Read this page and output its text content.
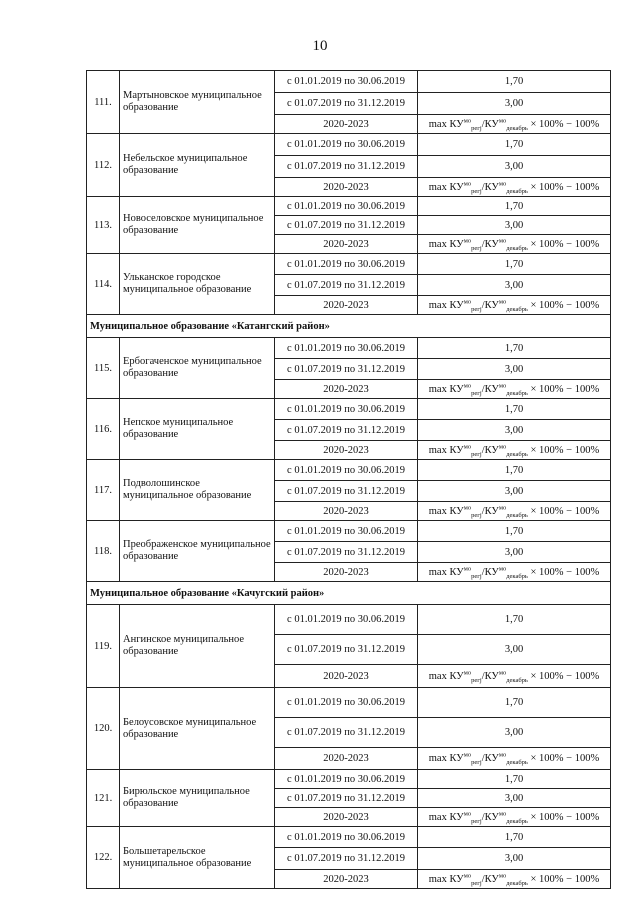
10
111.	Мартыновское муниципальное образование	с 01.01.2019 по 30.06.2019	1,70
		с 01.07.2019 по 31.12.2019	3,00
		2020-2023	$\max КУ^{мо}_{регj}/КУ^{мо}_{декабрь} \times 100\% - 100\%$
112.	Небельское муниципальное образование	с 01.01.2019 по 30.06.2019	1,70
		с 01.07.2019 по 31.12.2019	3,00
		2020-2023	$\max КУ^{мо}_{регj}/КУ^{мо}_{декабрь} \times 100\% - 100\%$
113.	Новоселовское муниципальное образование	с 01.01.2019 по 30.06.2019	1,70
		с 01.07.2019 по 31.12.2019	3,00
		2020-2023	$\max КУ^{мо}_{регj}/КУ^{мо}_{декабрь} \times 100\% - 100\%$
114.	Ульканское городское муниципальное образование	с 01.01.2019 по 30.06.2019	1,70
		с 01.07.2019 по 31.12.2019	3,00
		2020-2023	$\max КУ^{мо}_{регj}/КУ^{мо}_{декабрь} \times 100\% - 100\%$
Муниципальное образование «Катангский район»			
115.	Ербогаченское муниципальное образование	с 01.01.2019 по 30.06.2019	1,70
		с 01.07.2019 по 31.12.2019	3,00
		2020-2023	$\max КУ^{мо}_{регj}/КУ^{мо}_{декабрь} \times 100\% - 100\%$
116.	Непское муниципальное образование	с 01.01.2019 по 30.06.2019	1,70
		с 01.07.2019 по 31.12.2019	3,00
		2020-2023	$\max КУ^{мо}_{регj}/КУ^{мо}_{декабрь} \times 100\% - 100\%$
117.	Подволошинское муниципальное образование	с 01.01.2019 по 30.06.2019	1,70
		с 01.07.2019 по 31.12.2019	3,00
		2020-2023	$\max КУ^{мо}_{регj}/КУ^{мо}_{декабрь} \times 100\% - 100\%$
118.	Преображенское муниципальное образование	с 01.01.2019 по 30.06.2019	1,70
		с 01.07.2019 по 31.12.2019	3,00
		2020-2023	$\max КУ^{мо}_{регj}/КУ^{мо}_{декабрь} \times 100\% - 100\%$
Муниципальное образование «Качугский район»			
119.	Ангинское муниципальное образование	с 01.01.2019 по 30.06.2019	1,70
		с 01.07.2019 по 31.12.2019	3,00
		2020-2023	$\max КУ^{мо}_{регj}/КУ^{мо}_{декабрь} \times 100\% - 100\%$
120.	Белоусовское муниципальное образование	с 01.01.2019 по 30.06.2019	1,70
		с 01.07.2019 по 31.12.2019	3,00
		2020-2023	$\max КУ^{мо}_{регj}/КУ^{мо}_{декабрь} \times 100\% - 100\%$
121.	Бирюльское муниципальное образование	с 01.01.2019 по 30.06.2019	1,70
		с 01.07.2019 по 31.12.2019	3,00
		2020-2023	$\max КУ^{мо}_{регj}/КУ^{мо}_{декабрь} \times 100\% - 100\%$
122.	Большетарельское муниципальное образование	с 01.01.2019 по 30.06.2019	1,70
		с 01.07.2019 по 31.12.2019	3,00
		2020-2023	$\max КУ^{мо}_{регj}/КУ^{мо}_{декабрь} \times 100\% - 100\%$
